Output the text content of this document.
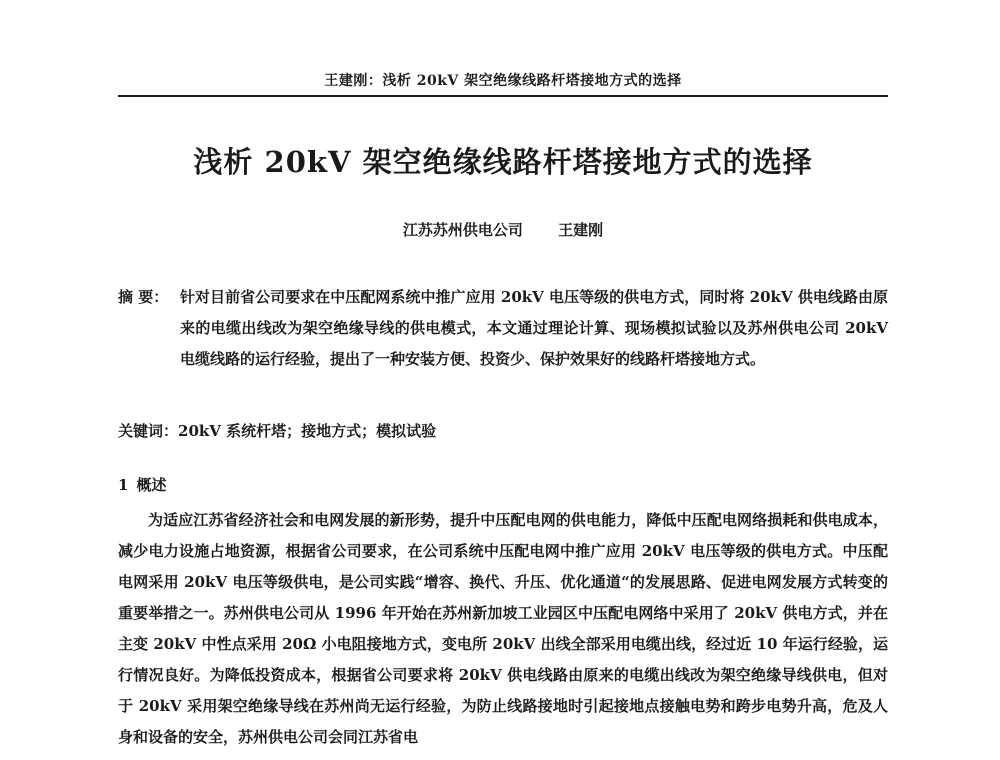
王建刚：浅析 20kV 架空绝缘线路杆塔接地方式的选择
浅析 20kV 架空绝缘线路杆塔接地方式的选择
江苏苏州供电公司 王建刚
摘 要： 针对目前省公司要求在中压配网系统中推广应用 20kV 电压等级的供电方式，同时将 20kV 供电线路由原来的电缆出线改为架空绝缘导线的供电模式，本文通过理论计算、现场模拟试验以及苏州供电公司 20kV 电缆线路的运行经验，提出了一种安装方便、投资少、保护效果好的线路杆塔接地方式。
关键词：20kV 系统杆塔；接地方式；模拟试验
1 概述
为适应江苏省经济社会和电网发展的新形势，提升中压配电网的供电能力，降低中压配电网络损耗和供电成本，减少电力设施占地资源，根据省公司要求，在公司系统中压配电网中推广应用 20kV 电压等级的供电方式。中压配电网采用 20kV 电压等级供电，是公司实践“增容、换代、升压、优化通道“的发展思路、促进电网发展方式转变的重要举措之一。苏州供电公司从 1996 年开始在苏州新加坡工业园区中压配电网络中采用了 20kV 供电方式，并在主变 20kV 中性点采用 20Ω 小电阻接地方式，变电所 20kV 出线全部采用电缆出线，经过近 10 年运行经验，运行情况良好。为降低投资成本，根据省公司要求将 20kV 供电线路由原来的电缆出线改为架空绝缘导线供电，但对于 20kV 采用架空绝缘导线在苏州尚无运行经验，为防止线路接地时引起接地点接触电势和跨步电势升高，危及人身和设备的安全，苏州供电公司会同江苏省电
